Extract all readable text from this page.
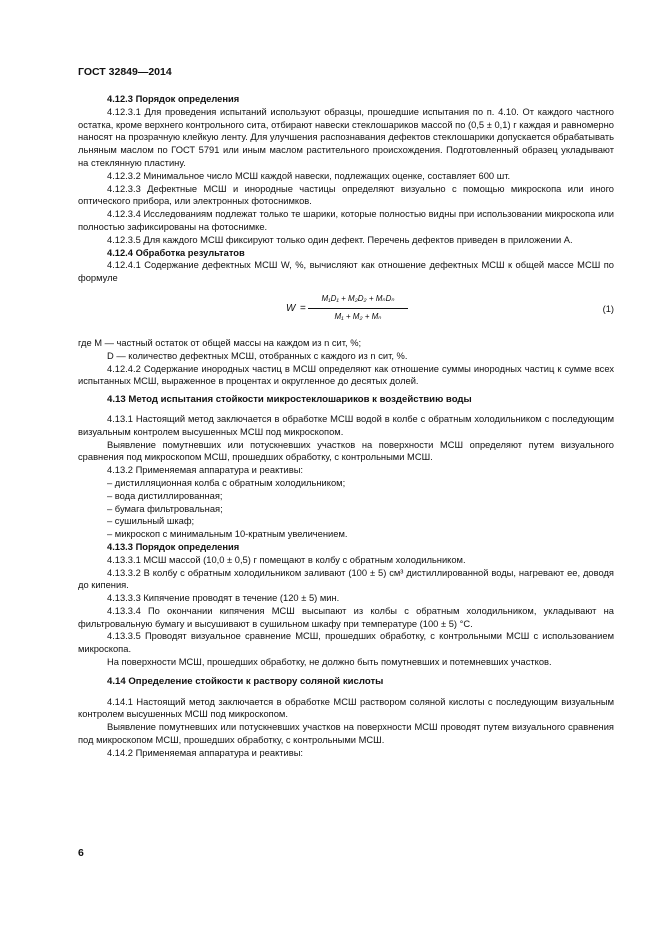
ГОСТ 32849—2014

4.12.3 Порядок определения

4.12.3.1 Для проведения испытаний используют образцы, прошедшие испытания по п. 4.10. От каждого частного остатка, кроме верхнего контрольного сита, отбирают навески стеклошариков массой по (0,5 ± 0,1) г каждая и равномерно наносят на прозрачную клейкую ленту. Для улучшения распознавания дефектов стеклошарики допускается обрабатывать льняным маслом по ГОСТ 5791 или иным маслом растительного происхождения. Подготовленный образец укладывают на стеклянную пластину.

4.12.3.2 Минимальное число МСШ каждой навески, подлежащих оценке, составляет 600 шт.

4.12.3.3 Дефектные МСШ и инородные частицы определяют визуально с помощью микроскопа или иного оптического прибора, или электронных фотоснимков.

4.12.3.4 Исследованиям подлежат только те шарики, которые полностью видны при использовании микроскопа или полностью зафиксированы на фотоснимке.

4.12.3.5 Для каждого МСШ фиксируют только один дефект. Перечень дефектов приведен в приложении А.

4.12.4 Обработка результатов

4.12.4.1 Содержание дефектных МСШ W, %, вычисляют как отношение дефектных МСШ к общей массе МСШ по формуле

W =
M₁D₁ + M₂D₂ + MₙDₙ
M₁ + M₂ + Mₙ
(1)

где M — частный остаток от общей массы на каждом из n сит, %;

D — количество дефектных МСШ, отобранных с каждого из n сит, %.

4.12.4.2 Содержание инородных частиц в МСШ определяют как отношение суммы инородных частиц к сумме всех испытанных МСШ, выраженное в процентах и округленное до десятых долей.

4.13 Метод испытания стойкости микростеклошариков к воздействию воды

4.13.1 Настоящий метод заключается в обработке МСШ водой в колбе с обратным холодильником с последующим визуальным контролем высушенных МСШ под микроскопом.

Выявление помутневших или потускневших участков на поверхности МСШ определяют путем визуального сравнения под микроскопом МСШ, прошедших обработку, с контрольными МСШ.

4.13.2 Применяемая аппаратура и реактивы:

– дистилляционная колба с обратным холодильником;

– вода дистиллированная;

– бумага фильтровальная;

– сушильный шкаф;

– микроскоп с минимальным 10-кратным увеличением.

4.13.3 Порядок определения

4.13.3.1 МСШ массой (10,0 ± 0,5) г помещают в колбу с обратным холодильником.

4.13.3.2 В колбу с обратным холодильником заливают (100 ± 5) см³ дистиллированной воды, нагревают ее, доводя до кипения.

4.13.3.3 Кипячение проводят в течение (120 ± 5) мин.

4.13.3.4 По окончании кипячения МСШ высыпают из колбы с обратным холодильником, укладывают на фильтровальную бумагу и высушивают в сушильном шкафу при температуре (100 ± 5) °С.

4.13.3.5 Проводят визуальное сравнение МСШ, прошедших обработку, с контрольными МСШ с использованием микроскопа.

На поверхности МСШ, прошедших обработку, не должно быть помутневших и потемневших участков.

4.14 Определение стойкости к раствору соляной кислоты

4.14.1 Настоящий метод заключается в обработке МСШ раствором соляной кислоты с последующим визуальным контролем высушенных МСШ под микроскопом.

Выявление помутневших или потускневших участков на поверхности МСШ проводят путем визуального сравнения под микроскопом МСШ, прошедших обработку, с контрольными МСШ.

4.14.2 Применяемая аппаратура и реактивы:

6
